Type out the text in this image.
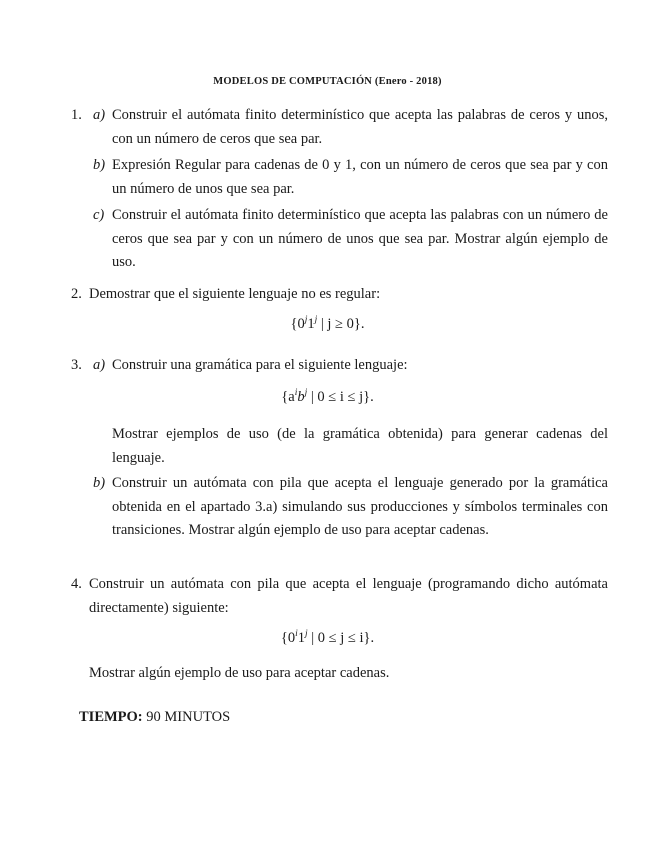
MODELOS DE COMPUTACIÓN (Enero - 2018)
1. a) Construir el autómata finito determinístico que acepta las palabras de ceros y unos, con un número de ceros que sea par.
b) Expresión Regular para cadenas de 0 y 1, con un número de ceros que sea par y con un número de unos que sea par.
c) Construir el autómata finito determinístico que acepta las palabras con un número de ceros que sea par y con un número de unos que sea par. Mostrar algún ejemplo de uso.
2. Demostrar que el siguiente lenguaje no es regular:
{0$^j$1$^j$ | j ≥ 0}.
3. a) Construir una gramática para el siguiente lenguaje:
{$a^ib^j$ | 0 ≤ i ≤ j}.
Mostrar ejemplos de uso (de la gramática obtenida) para generar cadenas del lenguaje.
b) Construir un autómata con pila que acepta el lenguaje generado por la gramática obtenida en el apartado 3.a) simulando sus producciones y símbolos terminales con transiciones. Mostrar algún ejemplo de uso para aceptar cadenas.
4. Construir un autómata con pila que acepta el lenguaje (programando dicho autómata directamente) siguiente:
{0$^i$1$^j$ | 0 ≤ j ≤ i}.
Mostrar algún ejemplo de uso para aceptar cadenas.
TIEMPO: 90 MINUTOS
